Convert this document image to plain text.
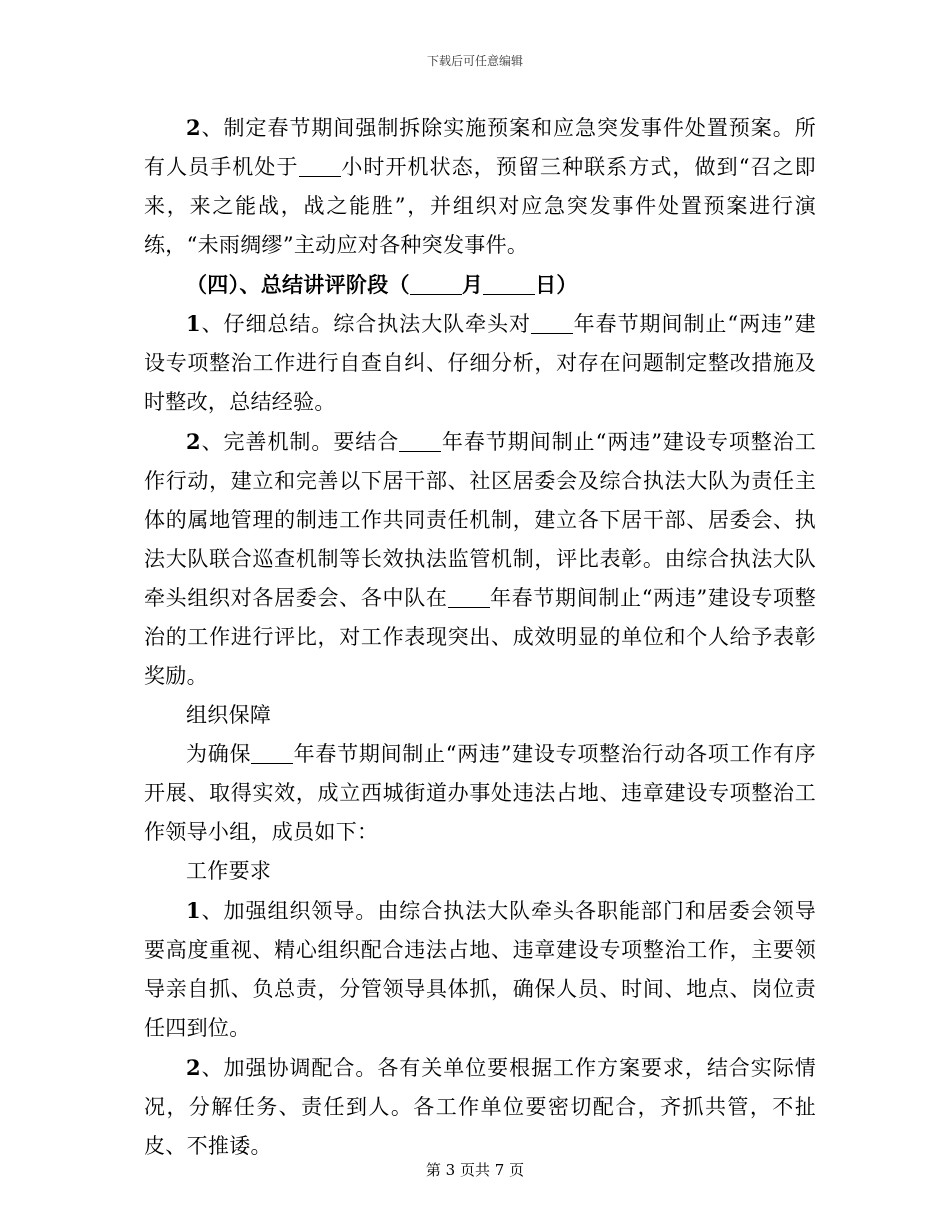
下载后可任意编辑

2、制定春节期间强制拆除实施预案和应急突发事件处置预案。所有人员手机处于 小时开机状态，预留三种联系方式，做到“召之即来，来之能战，战之能胜”，并组织对应急突发事件处置预案进行演练，“未雨绸缪”主动应对各种突发事件。

（四）、总结讲评阶段（ 月 日）

1、仔细总结。综合执法大队牵头对 年春节期间制止“两违”建设专项整治工作进行自查自纠、仔细分析，对存在问题制定整改措施及时整改，总结经验。

2、完善机制。要结合 年春节期间制止“两违”建设专项整治工作行动，建立和完善以下居干部、社区居委会及综合执法大队为责任主体的属地管理的制违工作共同责任机制，建立各下居干部、居委会、执法大队联合巡查机制等长效执法监管机制，评比表彰。由综合执法大队牵头组织对各居委会、各中队在 年春节期间制止“两违”建设专项整治的工作进行评比，对工作表现突出、成效明显的单位和个人给予表彰奖励。

组织保障

为确保 年春节期间制止“两违”建设专项整治行动各项工作有序开展、取得实效，成立西城街道办事处违法占地、违章建设专项整治工作领导小组，成员如下：

工作要求

1、加强组织领导。由综合执法大队牵头各职能部门和居委会领导要高度重视、精心组织配合违法占地、违章建设专项整治工作，主要领导亲自抓、负总责，分管领导具体抓，确保人员、时间、地点、岗位责任四到位。

2、加强协调配合。各有关单位要根据工作方案要求，结合实际情况，分解任务、责任到人。各工作单位要密切配合，齐抓共管，不扯皮、不推诿。

第 3 页共 7 页
